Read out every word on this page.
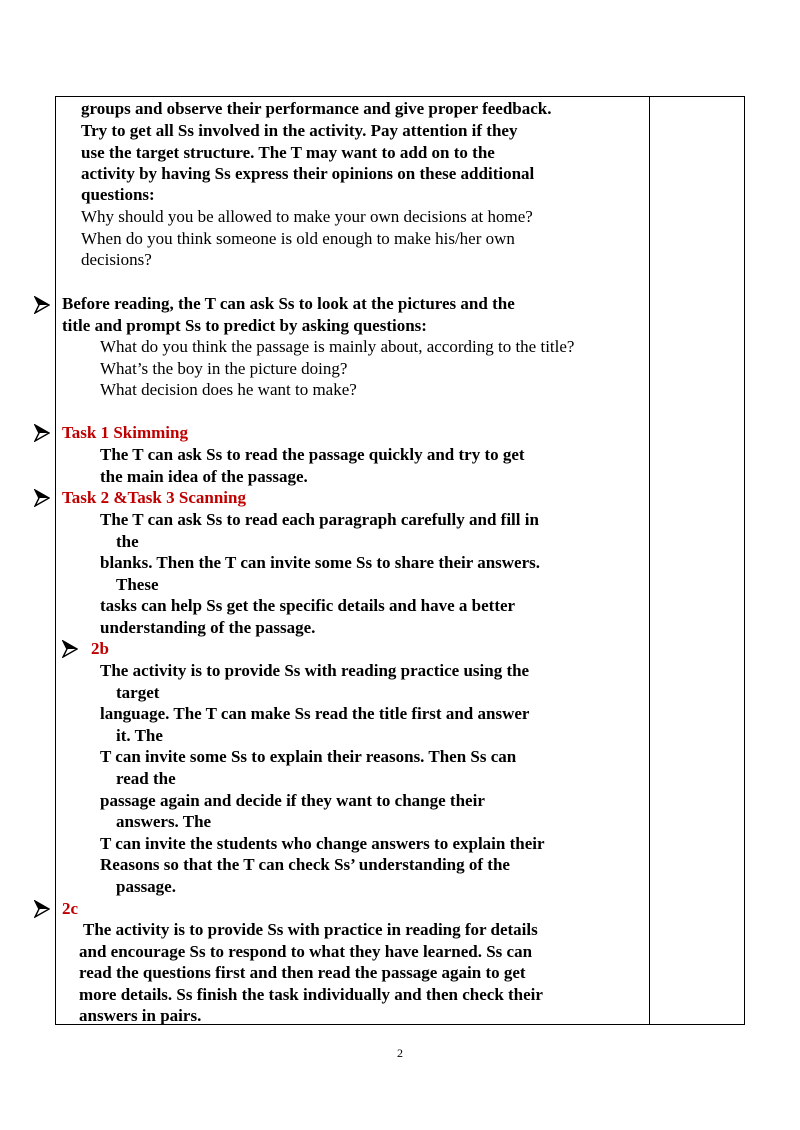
groups and observe their performance and give proper feedback.
Try to get all Ss involved in the activity. Pay attention if they
use the target structure. The T may want to add on to the
activity by having Ss express their opinions on these additional
questions:
Why should you be allowed to make your own decisions at home?
When do you think someone is old enough to make his/her own
decisions?
Before reading, the T can ask Ss to look at the pictures and the
title and prompt Ss to predict by asking questions:
What do you think the passage is mainly about, according to the title?
What’s the boy in the picture doing?
What decision does he want to make?
Task 1 Skimming
The T can ask Ss to read the passage quickly and try to get
the main idea of the passage.
Task 2 &Task 3 Scanning
The T can ask Ss to read each paragraph carefully and fill in
the
blanks. Then the T can invite some Ss to share their answers.
These
tasks can help Ss get the specific details and have a better
understanding of the passage.
2b
The activity is to provide Ss with reading practice using the
target
language. The T can make Ss read the title first and answer
it. The
T can invite some Ss to explain their reasons. Then Ss can
read the
passage again and decide if they want to change their
answers. The
T can invite the students who change answers to explain their
Reasons so that the T can check Ss’ understanding of the
passage.
2c
The activity is to provide Ss with practice in reading for details
and encourage Ss to respond to what they have learned. Ss can
read the questions first and then read the passage again to get
more details. Ss finish the task individually and then check their
answers in pairs.
2
